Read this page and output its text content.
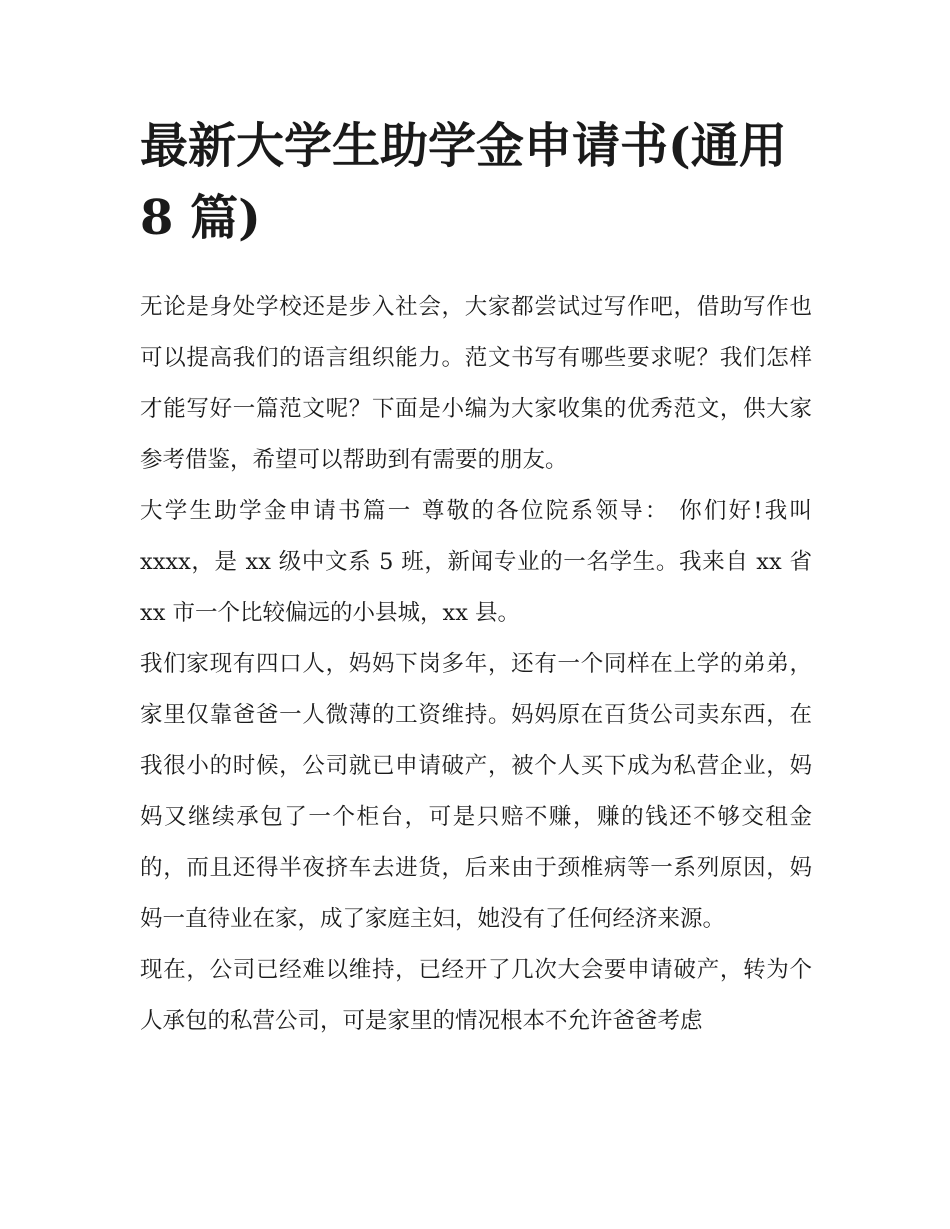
最新大学生助学金申请书(通用 8 篇)

无论是身处学校还是步入社会，大家都尝试过写作吧，借助写作也可以提高我们的语言组织能力。范文书写有哪些要求呢？我们怎样才能写好一篇范文呢？下面是小编为大家收集的优秀范文，供大家参考借鉴，希望可以帮助到有需要的朋友。

大学生助学金申请书篇一 尊敬的各位院系领导： 你们好!我叫 xxxx，是 xx 级中文系 5 班，新闻专业的一名学生。我来自 xx 省 xx 市一个比较偏远的小县城，xx 县。

我们家现有四口人，妈妈下岗多年，还有一个同样在上学的弟弟，家里仅靠爸爸一人微薄的工资维持。妈妈原在百货公司卖东西，在我很小的时候，公司就已申请破产，被个人买下成为私营企业，妈妈又继续承包了一个柜台，可是只赔不赚，赚的钱还不够交租金的，而且还得半夜挤车去进货，后来由于颈椎病等一系列原因，妈妈一直待业在家，成了家庭主妇，她没有了任何经济来源。

现在，公司已经难以维持，已经开了几次大会要申请破产，转为个人承包的私营公司，可是家里的情况根本不允许爸爸考虑
